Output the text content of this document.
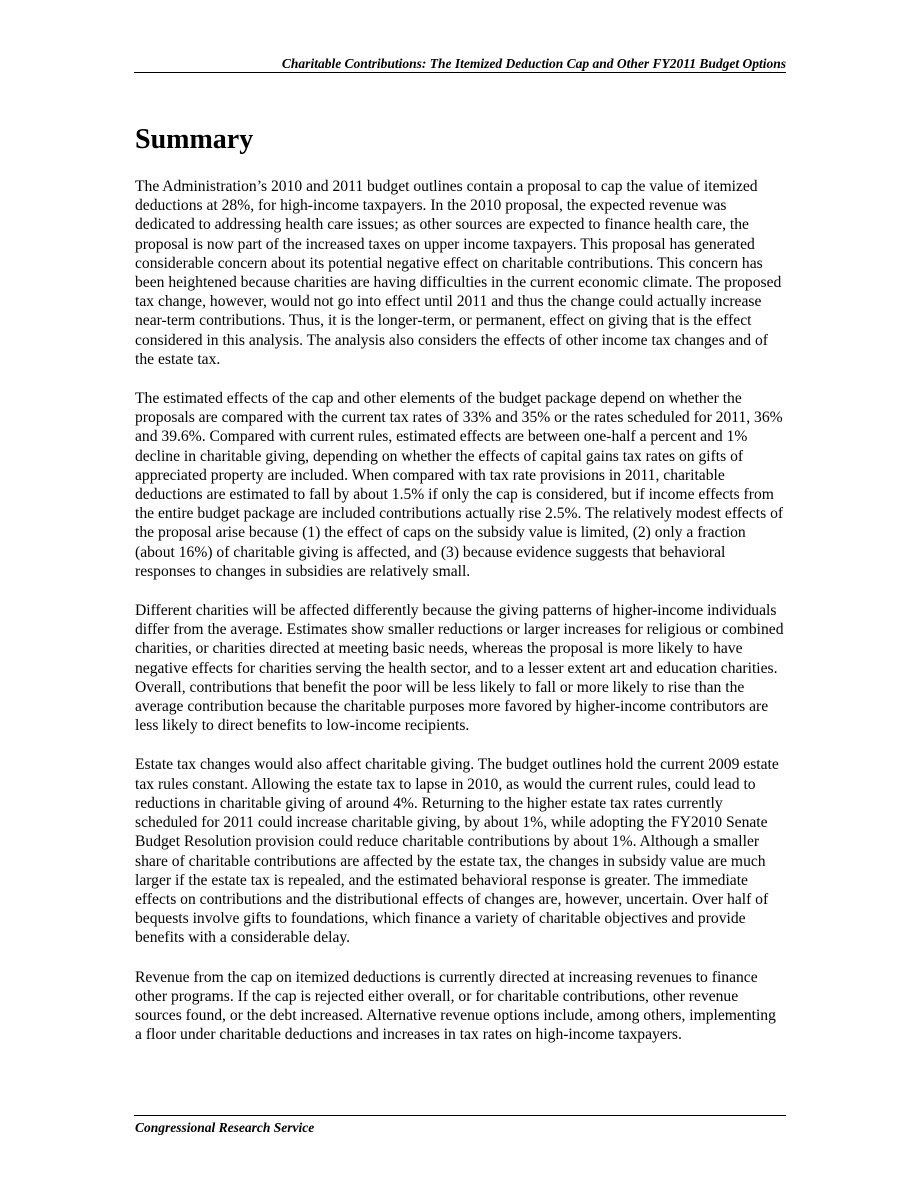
Charitable Contributions: The Itemized Deduction Cap and Other FY2011 Budget Options
Summary

The Administration’s 2010 and 2011 budget outlines contain a proposal to cap the value of itemized deductions at 28%, for high-income taxpayers. In the 2010 proposal, the expected revenue was dedicated to addressing health care issues; as other sources are expected to finance health care, the proposal is now part of the increased taxes on upper income taxpayers. This proposal has generated considerable concern about its potential negative effect on charitable contributions. This concern has been heightened because charities are having difficulties in the current economic climate. The proposed tax change, however, would not go into effect until 2011 and thus the change could actually increase near-term contributions. Thus, it is the longer-term, or permanent, effect on giving that is the effect considered in this analysis. The analysis also considers the effects of other income tax changes and of the estate tax.

The estimated effects of the cap and other elements of the budget package depend on whether the proposals are compared with the current tax rates of 33% and 35% or the rates scheduled for 2011, 36% and 39.6%. Compared with current rules, estimated effects are between one-half a percent and 1% decline in charitable giving, depending on whether the effects of capital gains tax rates on gifts of appreciated property are included. When compared with tax rate provisions in 2011, charitable deductions are estimated to fall by about 1.5% if only the cap is considered, but if income effects from the entire budget package are included contributions actually rise 2.5%. The relatively modest effects of the proposal arise because (1) the effect of caps on the subsidy value is limited, (2) only a fraction (about 16%) of charitable giving is affected, and (3) because evidence suggests that behavioral responses to changes in subsidies are relatively small.

Different charities will be affected differently because the giving patterns of higher-income individuals differ from the average. Estimates show smaller reductions or larger increases for religious or combined charities, or charities directed at meeting basic needs, whereas the proposal is more likely to have negative effects for charities serving the health sector, and to a lesser extent art and education charities. Overall, contributions that benefit the poor will be less likely to fall or more likely to rise than the average contribution because the charitable purposes more favored by higher-income contributors are less likely to direct benefits to low-income recipients.

Estate tax changes would also affect charitable giving. The budget outlines hold the current 2009 estate tax rules constant. Allowing the estate tax to lapse in 2010, as would the current rules, could lead to reductions in charitable giving of around 4%. Returning to the higher estate tax rates currently scheduled for 2011 could increase charitable giving, by about 1%, while adopting the FY2010 Senate Budget Resolution provision could reduce charitable contributions by about 1%. Although a smaller share of charitable contributions are affected by the estate tax, the changes in subsidy value are much larger if the estate tax is repealed, and the estimated behavioral response is greater. The immediate effects on contributions and the distributional effects of changes are, however, uncertain. Over half of bequests involve gifts to foundations, which finance a variety of charitable objectives and provide benefits with a considerable delay.

Revenue from the cap on itemized deductions is currently directed at increasing revenues to finance other programs. If the cap is rejected either overall, or for charitable contributions, other revenue sources found, or the debt increased. Alternative revenue options include, among others, implementing a floor under charitable deductions and increases in tax rates on high-income taxpayers.

Congressional Research Service
